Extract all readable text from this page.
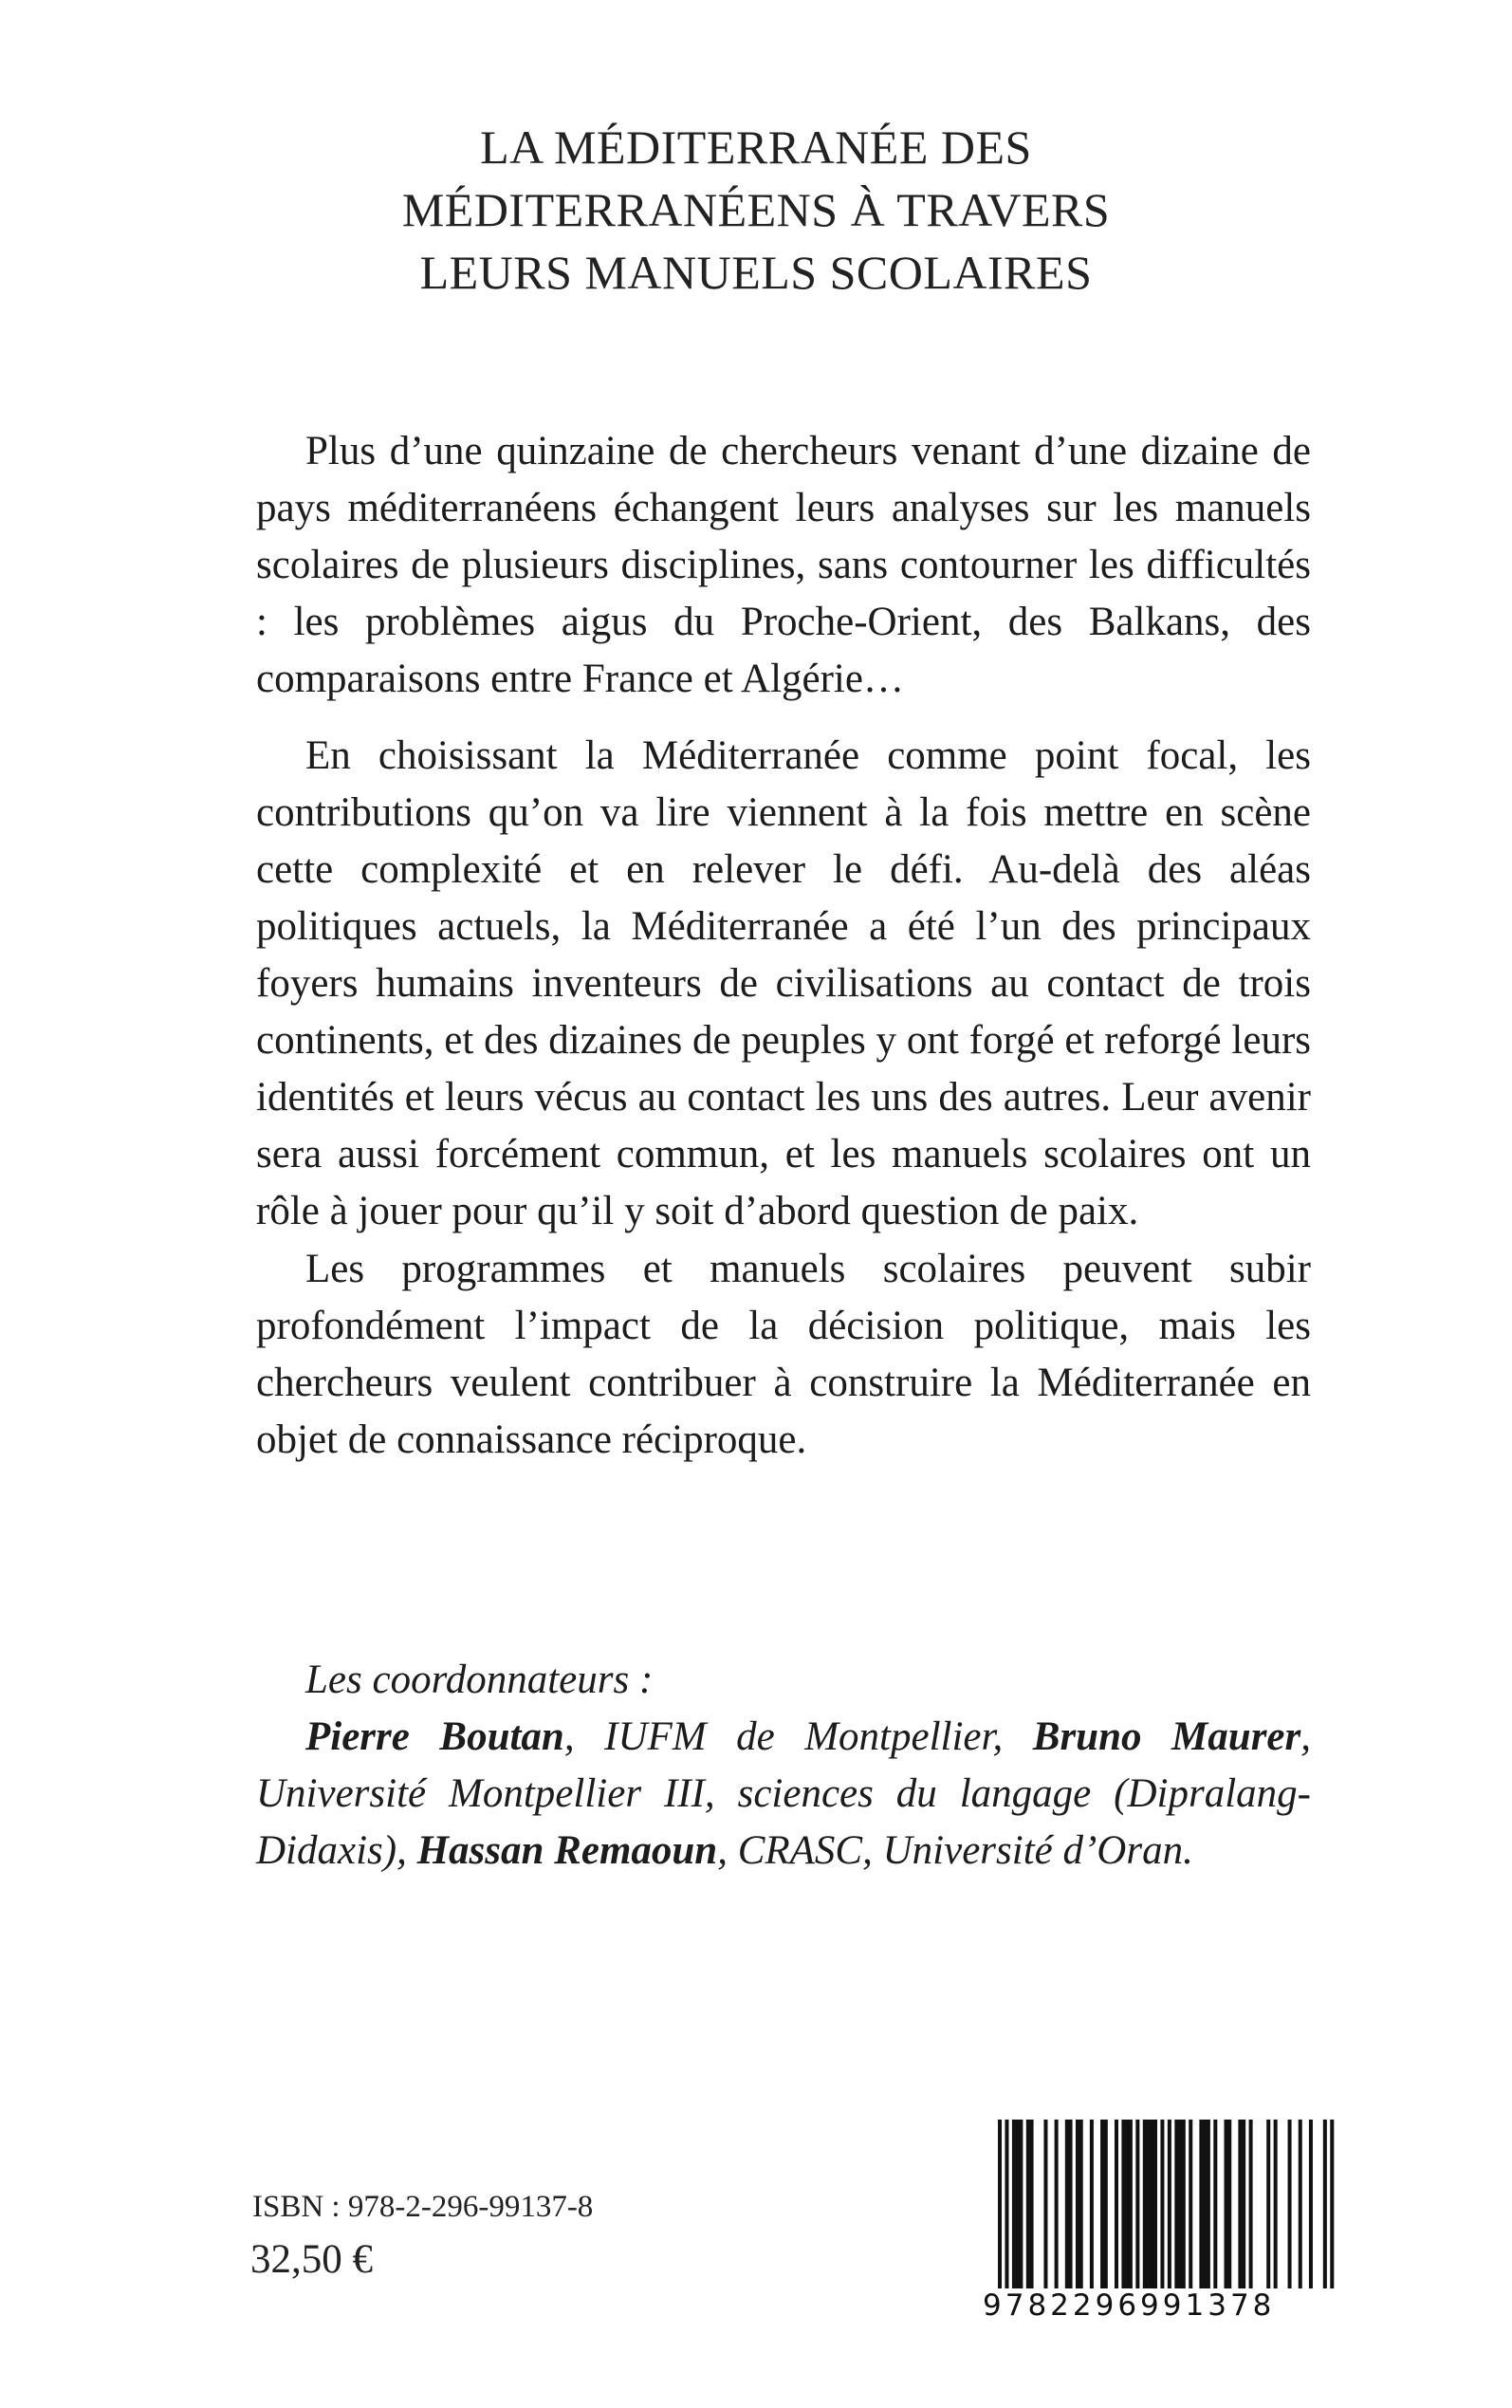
LA MÉDITERRANÉE DES
MÉDITERRANÉENS À TRAVERS
LEURS MANUELS SCOLAIRES

Plus d’une quinzaine de chercheurs venant d’une dizaine de pays méditerranéens échangent leurs analyses sur les manuels scolaires de plusieurs disciplines, sans contourner les difficultés : les problèmes aigus du Proche-Orient, des Balkans, des comparaisons entre France et Algérie…

En choisissant la Méditerranée comme point focal, les contributions qu’on va lire viennent à la fois mettre en scène cette complexité et en relever le défi. Au-delà des aléas politiques actuels, la Méditerranée a été l’un des principaux foyers humains inventeurs de civilisations au contact de trois continents, et des dizaines de peuples y ont forgé et reforgé leurs identités et leurs vécus au contact les uns des autres. Leur avenir sera aussi forcément commun, et les manuels scolaires ont un rôle à jouer pour qu’il y soit d’abord question de paix.

Les programmes et manuels scolaires peuvent subir profondément l’impact de la décision politique, mais les chercheurs veulent contribuer à construire la Méditerranée en objet de connaissance réciproque.

Les coordonnateurs :
Pierre Boutan, IUFM de Montpellier, Bruno Maurer, Université Montpellier III, sciences du langage (Dipralang-Didaxis), Hassan Remaoun, CRASC, Université d’Oran.
ISBN : 978-2-296-99137-8
32,50 €
9782296991378
